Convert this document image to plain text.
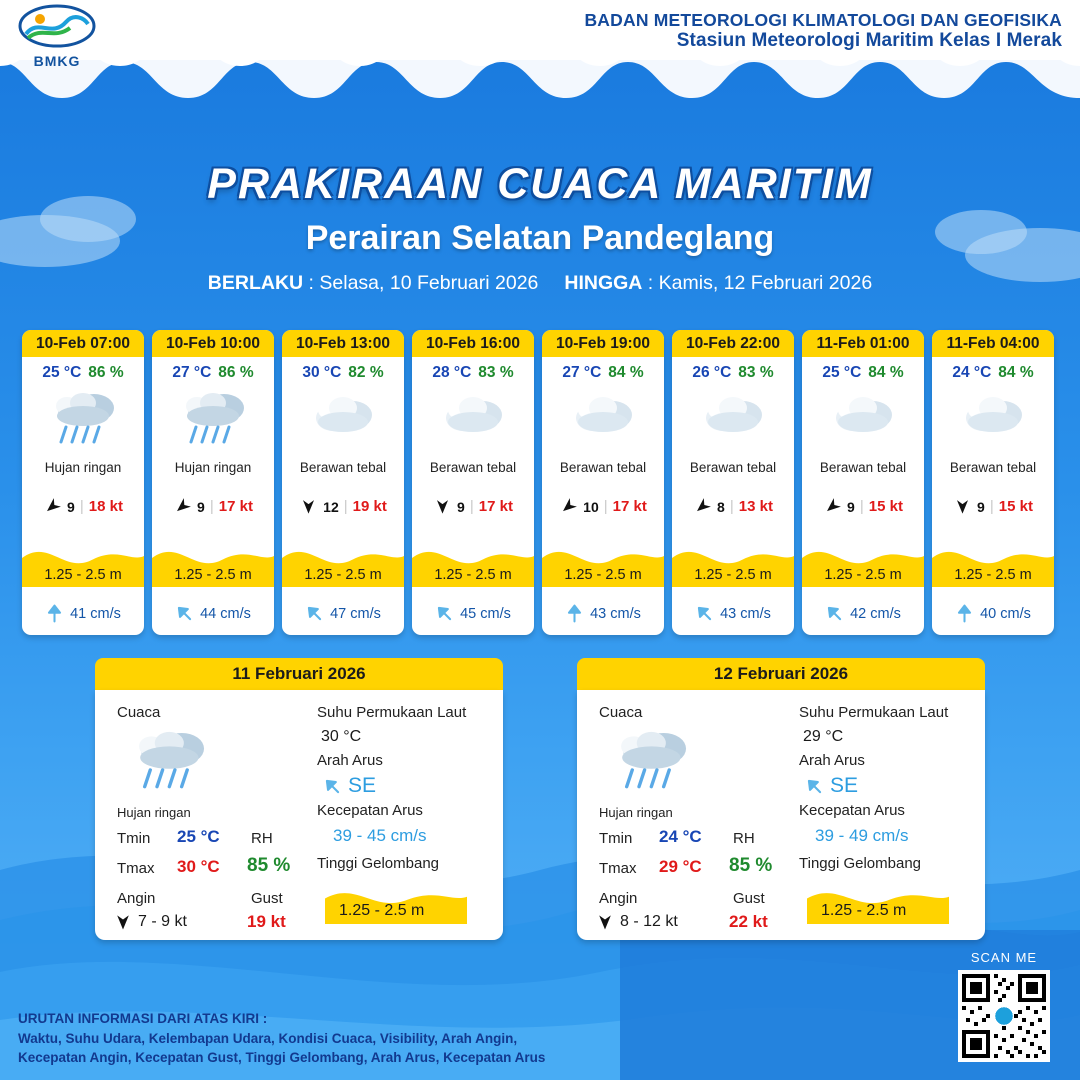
BMKG
BADAN METEOROLOGI KLIMATOLOGI DAN GEOFISIKA
Stasiun Meteorologi Maritim Kelas I Merak
PRAKIRAAN CUACA MARITIM
Perairan Selatan Pandeglang
BERLAKU : Selasa, 10 Februari 2026 HINGGA : Kamis, 12 Februari 2026
10-Feb 07:00
25 °C 86 %
Hujan ringan
9 | 18 kt
1.25 - 2.5 m
41 cm/s
10-Feb 10:00
27 °C 86 %
Hujan ringan
9 | 17 kt
1.25 - 2.5 m
44 cm/s
10-Feb 13:00
30 °C 82 %
Berawan tebal
12 | 19 kt
1.25 - 2.5 m
47 cm/s
10-Feb 16:00
28 °C 83 %
Berawan tebal
9 | 17 kt
1.25 - 2.5 m
45 cm/s
10-Feb 19:00
27 °C 84 %
Berawan tebal
10 | 17 kt
1.25 - 2.5 m
43 cm/s
10-Feb 22:00
26 °C 83 %
Berawan tebal
8 | 13 kt
1.25 - 2.5 m
43 cm/s
11-Feb 01:00
25 °C 84 %
Berawan tebal
9 | 15 kt
1.25 - 2.5 m
42 cm/s
11-Feb 04:00
24 °C 84 %
Berawan tebal
9 | 15 kt
1.25 - 2.5 m
40 cm/s
11 Februari 2026
Cuaca
Hujan ringan
Tmin 25 °C
Tmax 30 °C
Angin
7 - 9 kt
RH
85 %
Gust
19 kt
Suhu Permukaan Laut
30 °C
Arah Arus
SE
Kecepatan Arus
39 - 45 cm/s
Tinggi Gelombang
1.25 - 2.5 m
12 Februari 2026
Cuaca
Hujan ringan
Tmin 24 °C
Tmax 29 °C
Angin
8 - 12 kt
RH
85 %
Gust
22 kt
Suhu Permukaan Laut
29 °C
Arah Arus
SE
Kecepatan Arus
39 - 49 cm/s
Tinggi Gelombang
1.25 - 2.5 m
URUTAN INFORMASI DARI ATAS KIRI :
Waktu, Suhu Udara, Kelembapan Udara, Kondisi Cuaca, Visibility, Arah Angin,
Kecepatan Angin, Kecepatan Gust, Tinggi Gelombang, Arah Arus, Kecepatan Arus
SCAN ME
